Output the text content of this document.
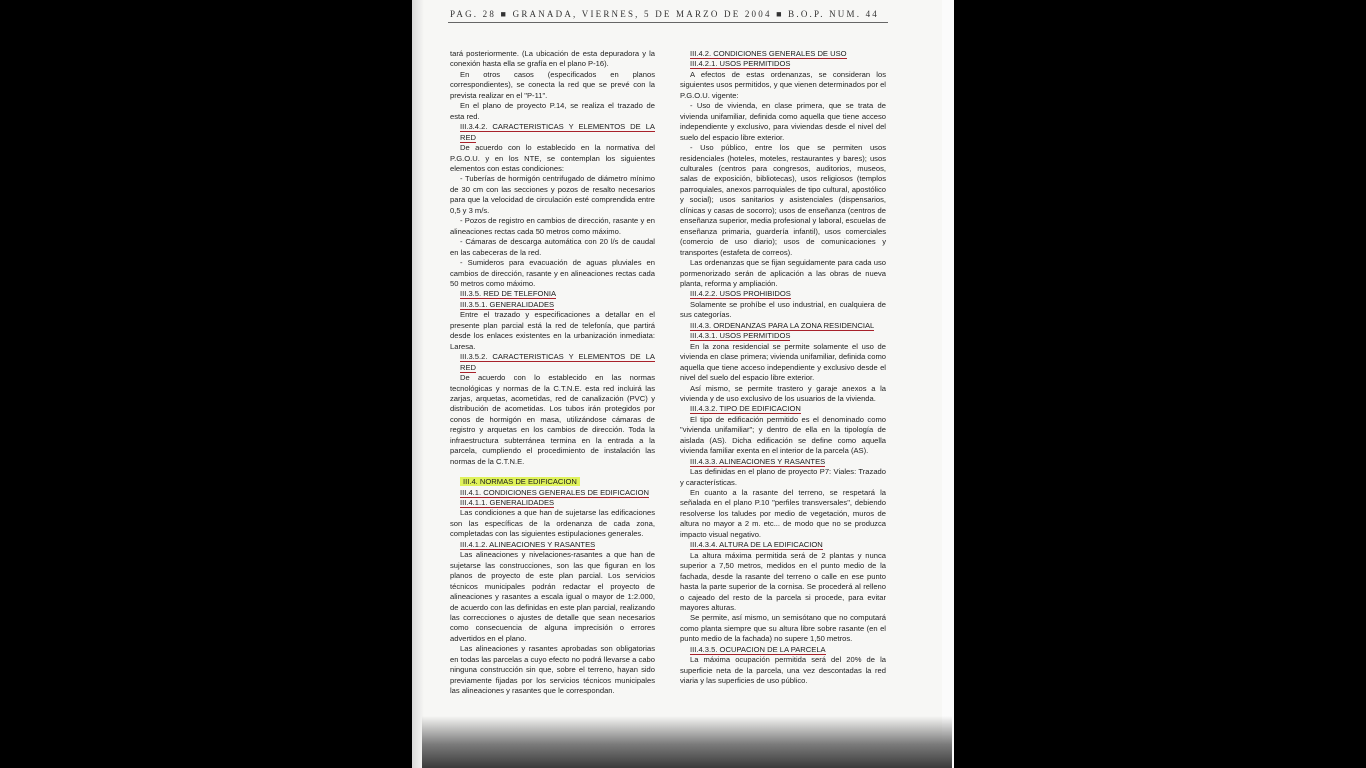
PAG. 28 ■ GRANADA, VIERNES, 5 DE MARZO DE 2004 ■ B.O.P. NUM. 44

tará posteriormente. (La ubicación de esta depuradora y la conexión hasta ella se grafía en el plano P-16).

En otros casos (especificados en planos correspondientes), se conecta la red que se prevé con la prevista realizar en el "P-11".

En el plano de proyecto P.14, se realiza el trazado de esta red.

III.3.4.2. CARACTERISTICAS Y ELEMENTOS DE LA RED

De acuerdo con lo establecido en la normativa del P.G.O.U. y en los NTE, se contemplan los siguientes elementos con estas condiciones:

- Tuberías de hormigón centrifugado de diámetro mínimo de 30 cm con las secciones y pozos de resalto necesarios para que la velocidad de circulación esté comprendida entre 0,5 y 3 m/s.

- Pozos de registro en cambios de dirección, rasante y en alineaciones rectas cada 50 metros como máximo.

- Cámaras de descarga automática con 20 l/s de caudal en las cabeceras de la red.

- Sumideros para evacuación de aguas pluviales en cambios de dirección, rasante y en alineaciones rectas cada 50 metros como máximo.

III.3.5. RED DE TELEFONIA
III.3.5.1. GENERALIDADES

Entre el trazado y especificaciones a detallar en el presente plan parcial está la red de telefonía, que partirá desde los enlaces existentes en la urbanización inmediata: Laresa.

III.3.5.2. CARACTERISTICAS Y ELEMENTOS DE LA RED

De acuerdo con lo establecido en las normas tecnológicas y normas de la C.T.N.E. esta red incluirá las zarjas, arquetas, acometidas, red de canalización (PVC) y distribución de acometidas. Los tubos irán protegidos por conos de hormigón en masa, utilizándose cámaras de registro y arquetas en los cambios de dirección. Toda la infraestructura subterránea termina en la entrada a la parcela, cumpliendo el procedimiento de instalación las normas de la C.T.N.E.

III.4. NORMAS DE EDIFICACION
III.4.1. CONDICIONES GENERALES DE EDIFICACION
III.4.1.1. GENERALIDADES

Las condiciones a que han de sujetarse las edificaciones son las específicas de la ordenanza de cada zona, completadas con las siguientes estipulaciones generales.

III.4.1.2. ALINEACIONES Y RASANTES

Las alineaciones y nivelaciones-rasantes a que han de sujetarse las construcciones, son las que figuran en los planos de proyecto de este plan parcial. Los servicios técnicos municipales podrán redactar el proyecto de alineaciones y rasantes a escala igual o mayor de 1:2.000, de acuerdo con las definidas en este plan parcial, realizando las correcciones o ajustes de detalle que sean necesarios como consecuencia de alguna imprecisión o errores advertidos en el plano.

Las alineaciones y rasantes aprobadas son obligatorias en todas las parcelas a cuyo efecto no podrá llevarse a cabo ninguna construcción sin que, sobre el terreno, hayan sido previamente fijadas por los servicios técnicos municipales las alineaciones y rasantes que le correspondan.

III.4.2. CONDICIONES GENERALES DE USO
III.4.2.1. USOS PERMITIDOS

A efectos de estas ordenanzas, se consideran los siguientes usos permitidos, y que vienen determinados por el P.G.O.U. vigente:

- Uso de vivienda, en clase primera, que se trata de vivienda unifamiliar, definida como aquella que tiene acceso independiente y exclusivo, para viviendas desde el nivel del suelo del espacio libre exterior.

- Uso público, entre los que se permiten usos residenciales (hoteles, moteles, restaurantes y bares); usos culturales (centros para congresos, auditorios, museos, salas de exposición, bibliotecas), usos religiosos (templos parroquiales, anexos parroquiales de tipo cultural, apostólico y social); usos sanitarios y asistenciales (dispensarios, clínicas y casas de socorro); usos de enseñanza (centros de enseñanza superior, media profesional y laboral, escuelas de enseñanza primaria, guardería infantil), usos comerciales (comercio de uso diario); usos de comunicaciones y transportes (estafeta de correos).

Las ordenanzas que se fijan seguidamente para cada uso pormenorizado serán de aplicación a las obras de nueva planta, reforma y ampliación.

III.4.2.2. USOS PROHIBIDOS

Solamente se prohíbe el uso industrial, en cualquiera de sus categorías.

III.4.3. ORDENANZAS PARA LA ZONA RESIDENCIAL
III.4.3.1. USOS PERMITIDOS

En la zona residencial se permite solamente el uso de vivienda en clase primera; vivienda unifamiliar, definida como aquella que tiene acceso independiente y exclusivo desde el nivel del suelo del espacio libre exterior.

Así mismo, se permite trastero y garaje anexos a la vivienda y de uso exclusivo de los usuarios de la vivienda.

III.4.3.2. TIPO DE EDIFICACION

El tipo de edificación permitido es el denominado como "vivienda unifamiliar"; y dentro de ella en la tipología de aislada (AS). Dicha edificación se define como aquella vivienda familiar exenta en el interior de la parcela (AS).

III.4.3.3. ALINEACIONES Y RASANTES

Las definidas en el plano de proyecto P7: Viales: Trazado y características.

En cuanto a la rasante del terreno, se respetará la señalada en el plano P.10 "perfiles transversales", debiendo resolverse los taludes por medio de vegetación, muros de altura no mayor a 2 m. etc... de modo que no se produzca impacto visual negativo.

III.4.3.4. ALTURA DE LA EDIFICACION

La altura máxima permitida será de 2 plantas y nunca superior a 7,50 metros, medidos en el punto medio de la fachada, desde la rasante del terreno o calle en ese punto hasta la parte superior de la cornisa. Se procederá al relleno o cajeado del resto de la parcela si procede, para evitar mayores alturas.

Se permite, así mismo, un semisótano que no computará como planta siempre que su altura libre sobre rasante (en el punto medio de la fachada) no supere 1,50 metros.

III.4.3.5. OCUPACION DE LA PARCELA

La máxima ocupación permitida será del 20% de la superficie neta de la parcela, una vez descontadas la red viaria y las superficies de uso público.
